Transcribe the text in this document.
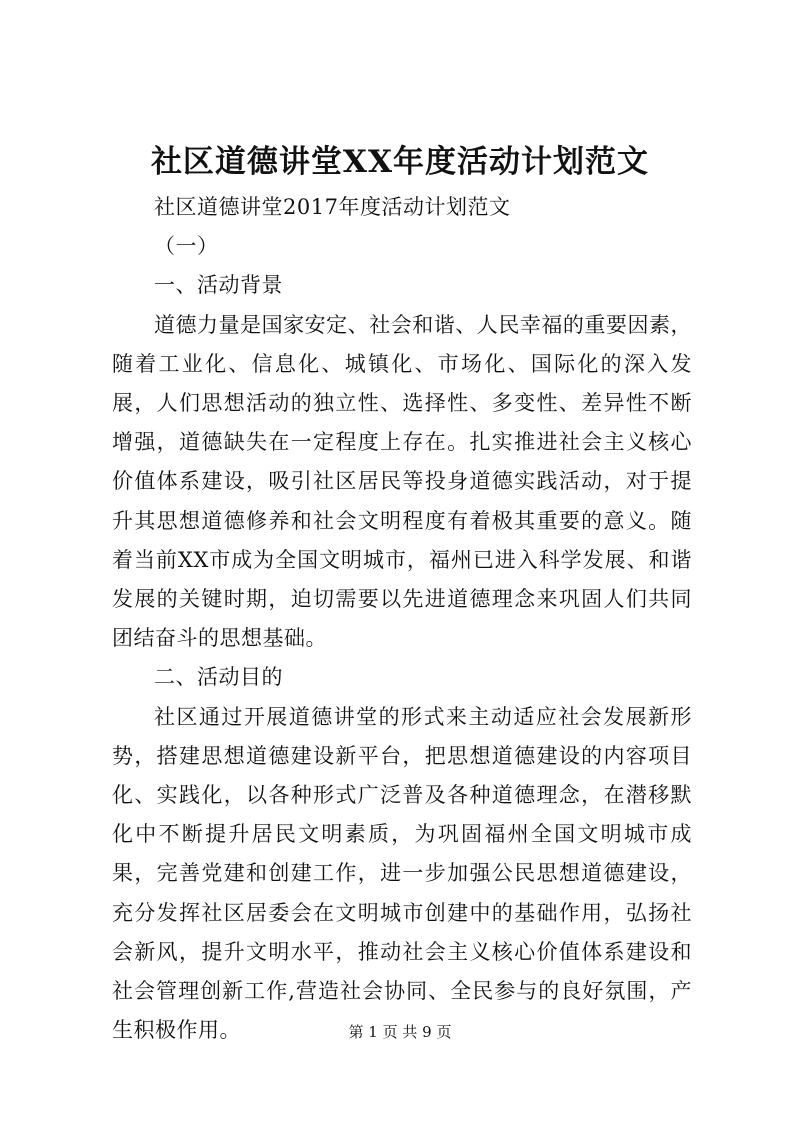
社区道德讲堂XX年度活动计划范文

社区道德讲堂2017年度活动计划范文

（一）

一、活动背景

道德力量是国家安定、社会和谐、人民幸福的重要因素，随着工业化、信息化、城镇化、市场化、国际化的深入发展，人们思想活动的独立性、选择性、多变性、差异性不断增强，道德缺失在一定程度上存在。扎实推进社会主义核心价值体系建设，吸引社区居民等投身道德实践活动，对于提升其思想道德修养和社会文明程度有着极其重要的意义。随着当前XX市成为全国文明城市，福州已进入科学发展、和谐发展的关键时期，迫切需要以先进道德理念来巩固人们共同团结奋斗的思想基础。

二、活动目的

社区通过开展道德讲堂的形式来主动适应社会发展新形势，搭建思想道德建设新平台，把思想道德建设的内容项目化、实践化，以各种形式广泛普及各种道德理念，在潜移默化中不断提升居民文明素质，为巩固福州全国文明城市成果，完善党建和创建工作，进一步加强公民思想道德建设，充分发挥社区居委会在文明城市创建中的基础作用，弘扬社会新风，提升文明水平，推动社会主义核心价值体系建设和社会管理创新工作,营造社会协同、全民参与的良好氛围，产生积极作用。	第 1 页 共 9 页
